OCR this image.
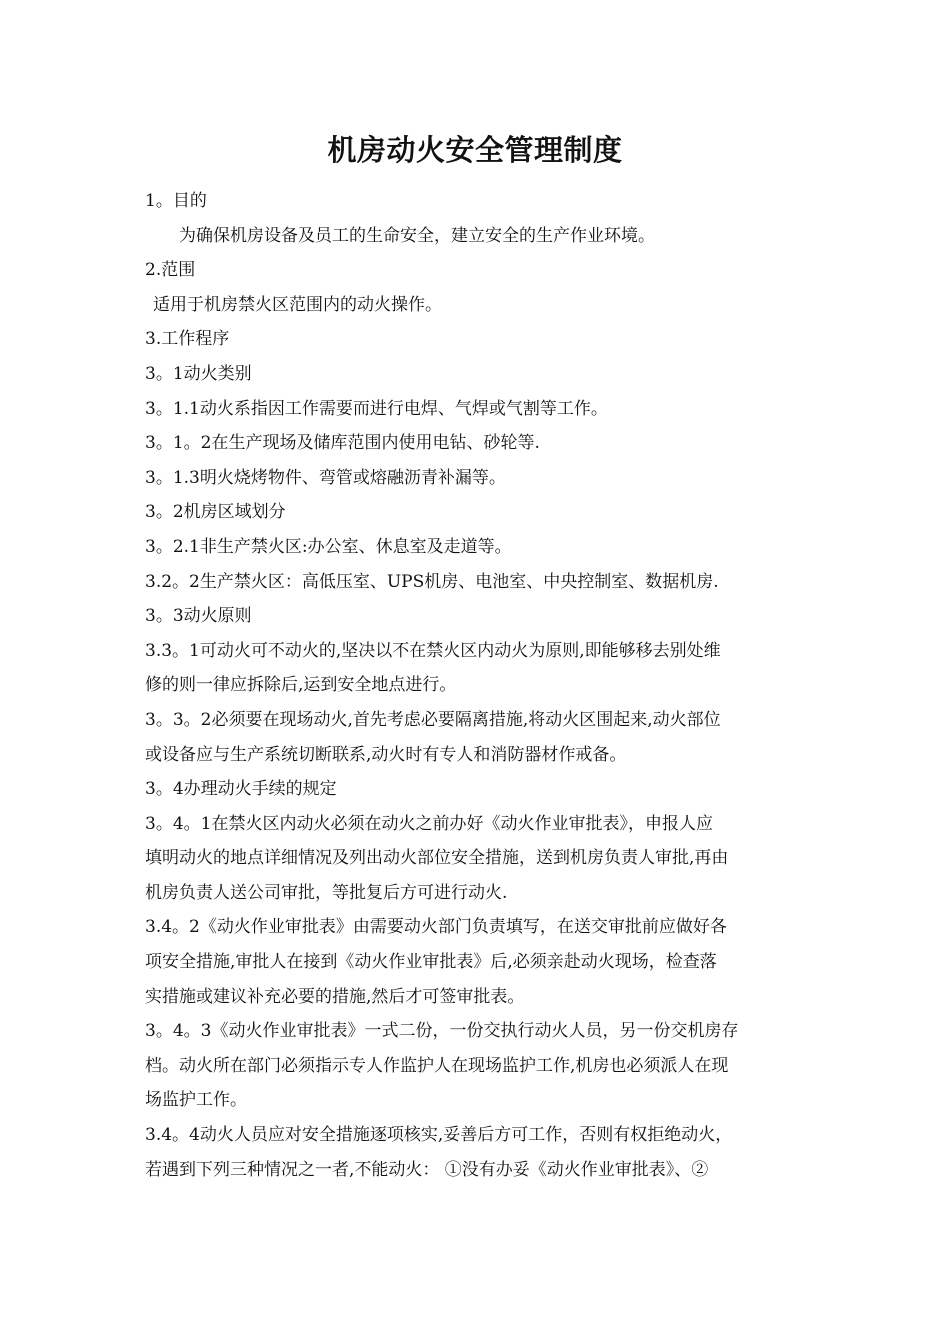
机房动火安全管理制度

1。目的

为确保机房设备及员工的生命安全，建立安全的生产作业环境。

2.范围

适用于机房禁火区范围内的动火操作。

3.工作程序

3。1动火类别

3。1.1动火系指因工作需要而进行电焊、气焊或气割等工作。

3。1。2在生产现场及储库范围内使用电钻、砂轮等.

3。1.3明火烧烤物件、弯管或熔融沥青补漏等。

3。2机房区域划分

3。2.1非生产禁火区:办公室、休息室及走道等。

3.2。2生产禁火区：高低压室、UPS机房、电池室、中央控制室、数据机房.

3。3动火原则

3.3。1可动火可不动火的,坚决以不在禁火区内动火为原则,即能够移去别处维

修的则一律应拆除后,运到安全地点进行。

3。3。2必须要在现场动火,首先考虑必要隔离措施,将动火区围起来,动火部位

或设备应与生产系统切断联系,动火时有专人和消防器材作戒备。

3。4办理动火手续的规定

3。4。1在禁火区内动火必须在动火之前办好《动火作业审批表》，申报人应

填明动火的地点详细情况及列出动火部位安全措施，送到机房负责人审批,再由

机房负责人送公司审批，等批复后方可进行动火.

3.4。2《动火作业审批表》由需要动火部门负责填写，在送交审批前应做好各

项安全措施,审批人在接到《动火作业审批表》后,必须亲赴动火现场，检查落

实措施或建议补充必要的措施,然后才可签审批表。

3。4。3《动火作业审批表》一式二份，一份交执行动火人员，另一份交机房存

档。动火所在部门必须指示专人作监护人在现场监护工作,机房也必须派人在现

场监护工作。

3.4。4动火人员应对安全措施逐项核实,妥善后方可工作，否则有权拒绝动火，

若遇到下列三种情况之一者,不能动火： ①没有办妥《动火作业审批表》、②
